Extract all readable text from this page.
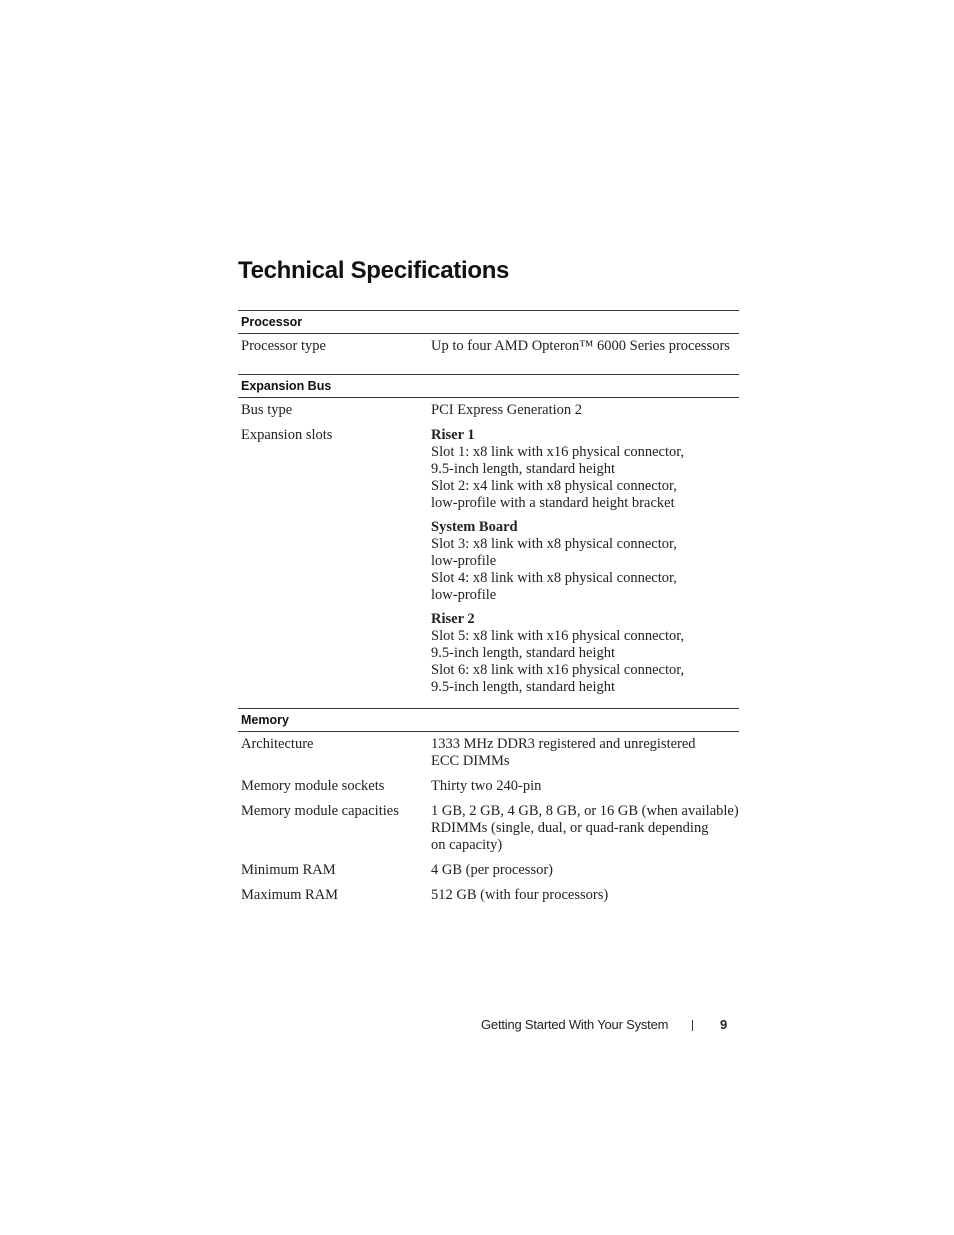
Technical Specifications
Processor
Processor type	Up to four AMD Opteron™ 6000 Series processors
Expansion Bus
Bus type	PCI Express Generation 2
Expansion slots	Riser 1
Slot 1: x8 link with x16 physical connector,
9.5-inch length, standard height
Slot 2: x4 link with x8 physical connector,
low-profile with a standard height bracket
System Board
Slot 3: x8 link with x8 physical connector,
low-profile
Slot 4: x8 link with x8 physical connector,
low-profile
Riser 2
Slot 5: x8 link with x16 physical connector,
9.5-inch length, standard height
Slot 6: x8 link with x16 physical connector,
9.5-inch length, standard height
Memory
Architecture	1333 MHz DDR3 registered and unregistered
ECC DIMMs
Memory module sockets	Thirty two 240-pin
Memory module capacities	1 GB, 2 GB, 4 GB, 8 GB, or 16 GB (when available)
RDIMMs (single, dual, or quad-rank depending
on capacity)
Minimum RAM	4 GB (per processor)
Maximum RAM	512 GB (with four processors)
Getting Started With Your System	9
